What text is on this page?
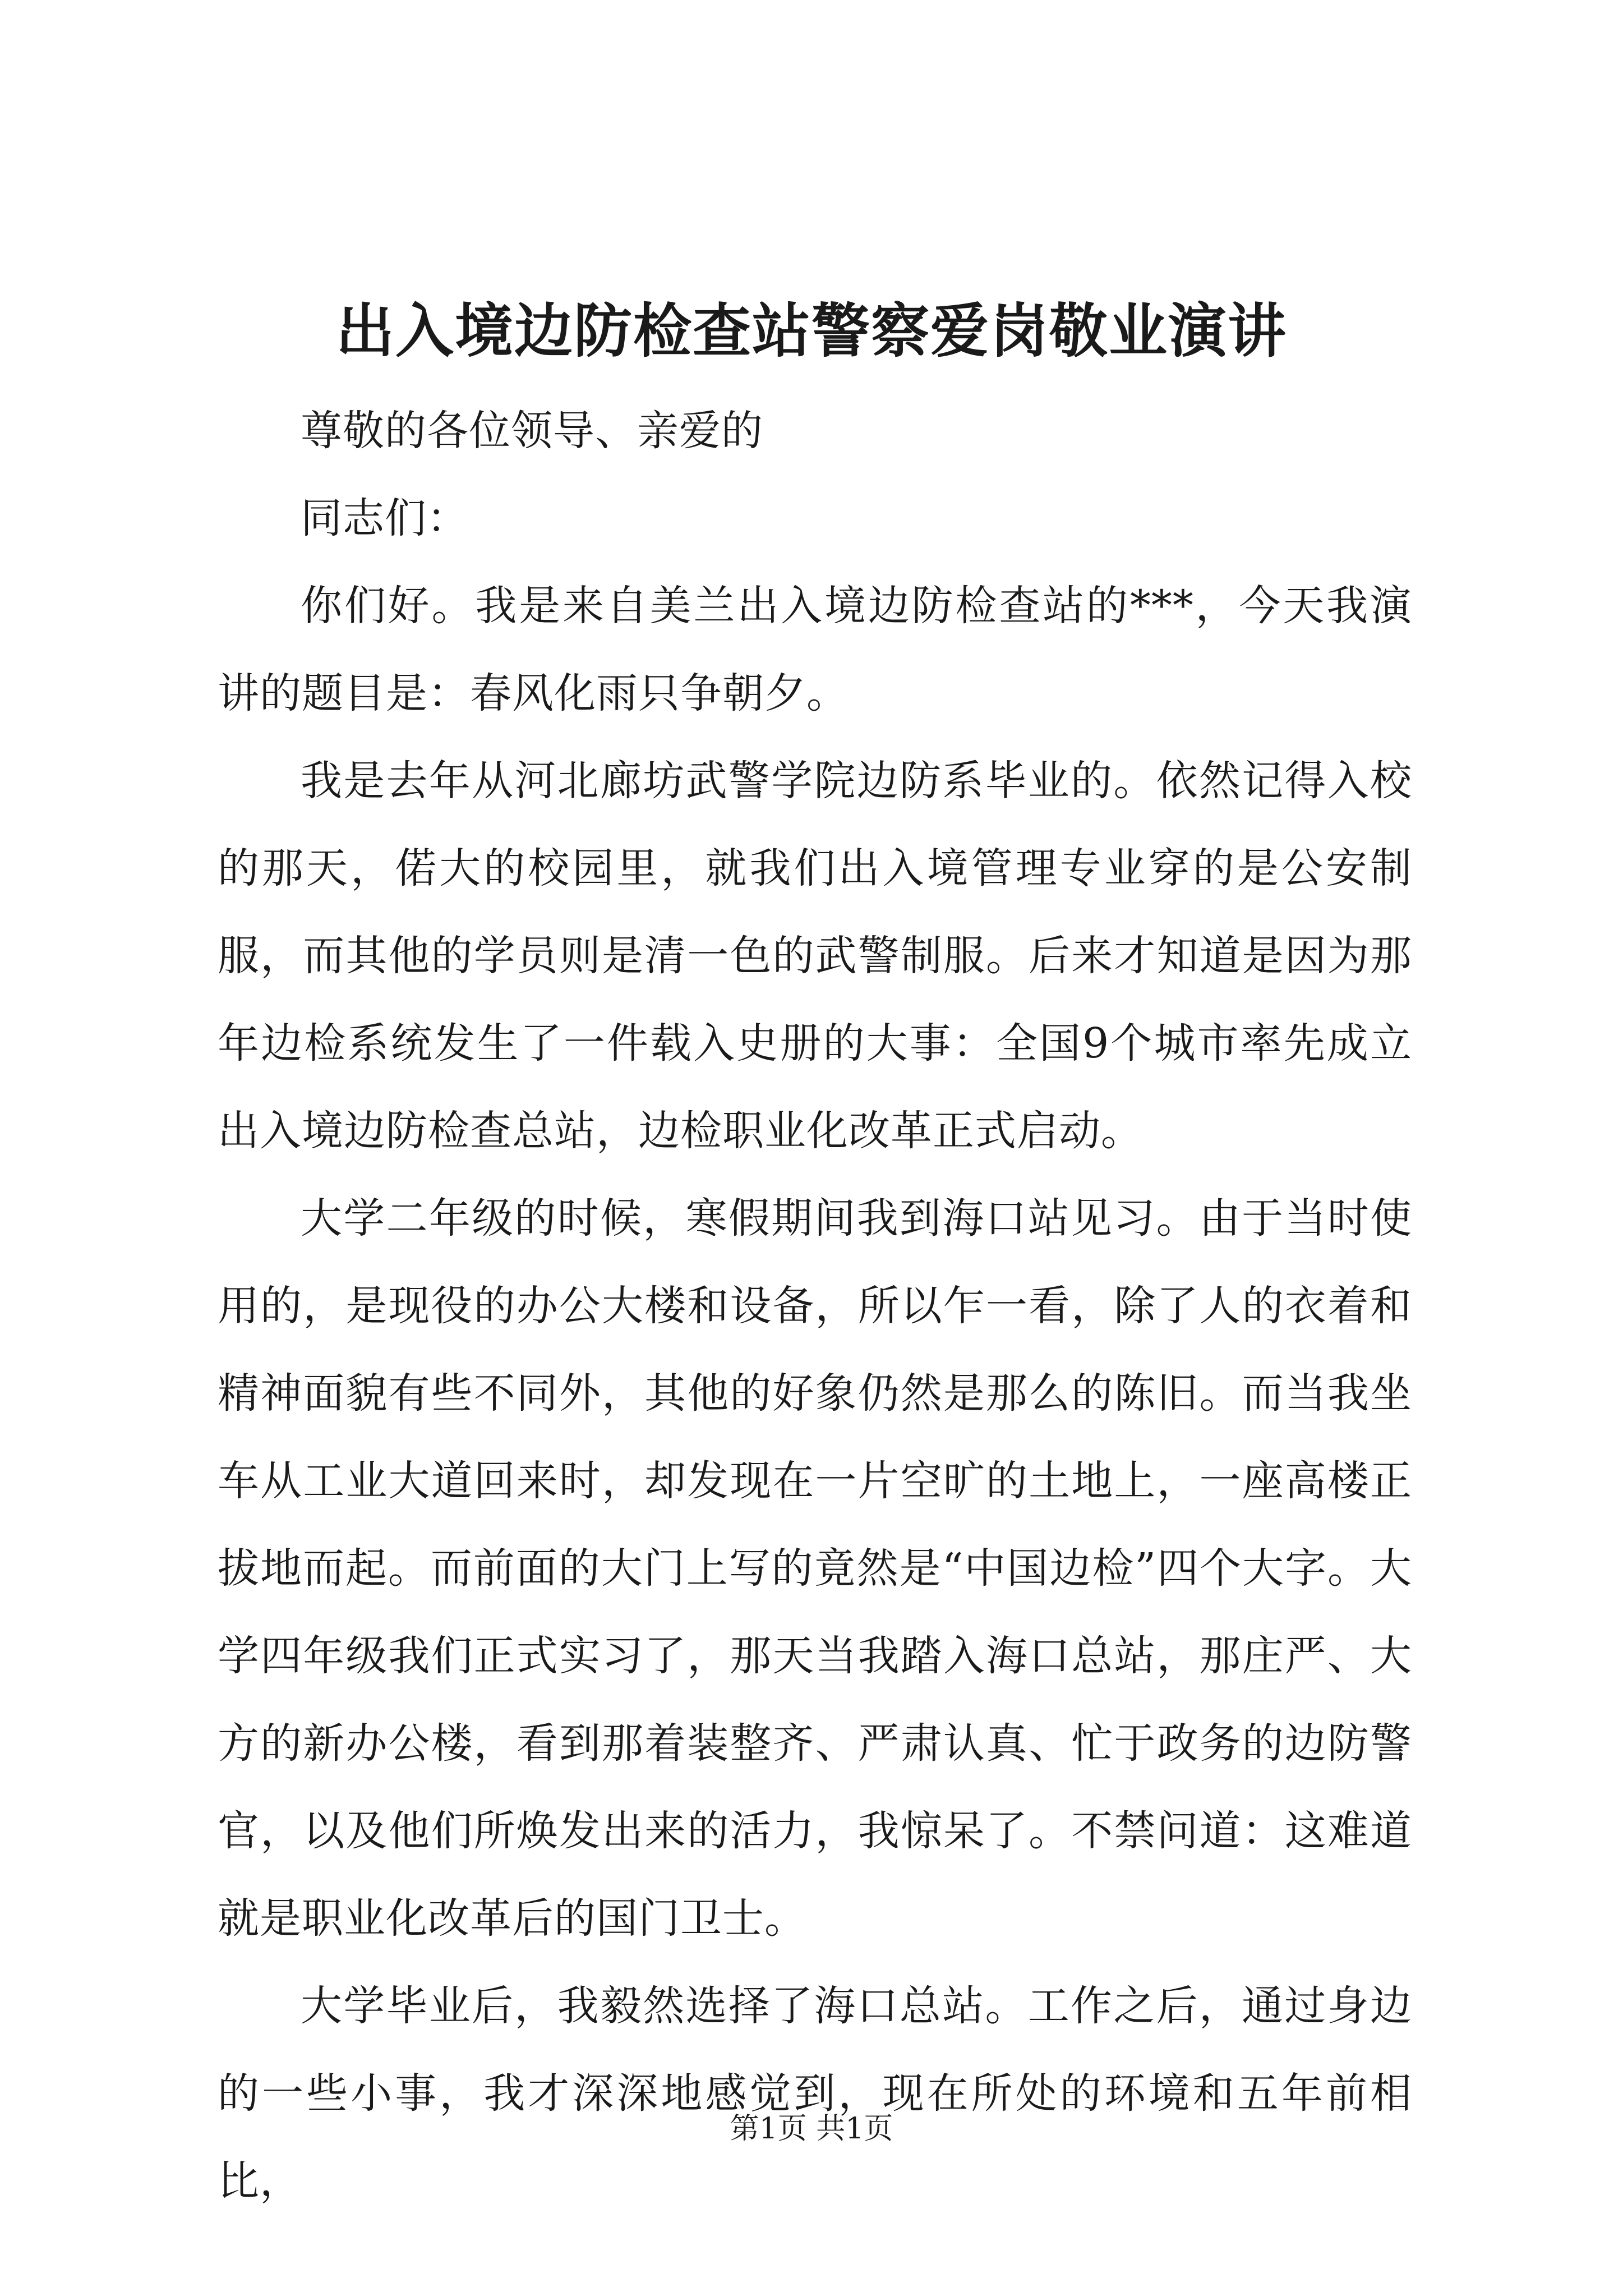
出入境边防检查站警察爱岗敬业演讲

尊敬的各位领导、亲爱的

同志们：

你们好。我是来自美兰出入境边防检查站的***，今天我演讲的题目是：春风化雨只争朝夕。

我是去年从河北廊坊武警学院边防系毕业的。依然记得入校的那天，偌大的校园里，就我们出入境管理专业穿的是公安制服，而其他的学员则是清一色的武警制服。后来才知道是因为那年边检系统发生了一件载入史册的大事：全国9个城市率先成立出入境边防检查总站，边检职业化改革正式启动。

大学二年级的时候，寒假期间我到海口站见习。由于当时使用的，是现役的办公大楼和设备，所以乍一看，除了人的衣着和精神面貌有些不同外，其他的好象仍然是那么的陈旧。而当我坐车从工业大道回来时，却发现在一片空旷的土地上，一座高楼正拔地而起。而前面的大门上写的竟然是“中国边检”四个大字。大学四年级我们正式实习了，那天当我踏入海口总站，那庄严、大方的新办公楼，看到那着装整齐、严肃认真、忙于政务的边防警官，以及他们所焕发出来的活力，我惊呆了。不禁问道：这难道就是职业化改革后的国门卫士。

大学毕业后，我毅然选择了海口总站。工作之后，通过身边的一些小事，我才深深地感觉到，现在所处的环境和五年前相比，

第1页 共1页
